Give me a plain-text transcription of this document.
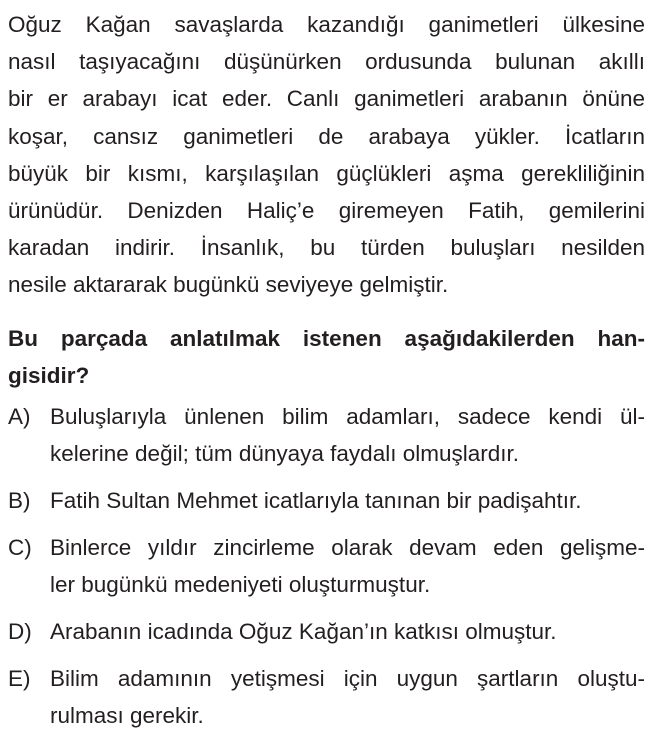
Oğuz Kağan savaşlarda kazandığı ganimetleri ülkesine
nasıl taşıyacağını düşünürken ordusunda bulunan akıllı
bir er arabayı icat eder. Canlı ganimetleri arabanın önüne
koşar, cansız ganimetleri de arabaya yükler. İcatların
büyük bir kısmı, karşılaşılan güçlükleri aşma gerekliliğinin
ürünüdür. Denizden Haliç’e giremeyen Fatih, gemilerini
karadan indirir. İnsanlık, bu türden buluşları nesilden
nesile aktararak bugünkü seviyeye gelmiştir.
Bu parçada anlatılmak istenen aşağıdakilerden han-
gisidir?
A) Buluşlarıyla ünlenen bilim adamları, sadece kendi ül-
kelerine değil; tüm dünyaya faydalı olmuşlardır.
B) Fatih Sultan Mehmet icatlarıyla tanınan bir padişahtır.
C) Binlerce yıldır zincirleme olarak devam eden gelişme-
ler bugünkü medeniyeti oluşturmuştur.
D) Arabanın icadında Oğuz Kağan’ın katkısı olmuştur.
E) Bilim adamının yetişmesi için uygun şartların oluştu-
rulması gerekir.
